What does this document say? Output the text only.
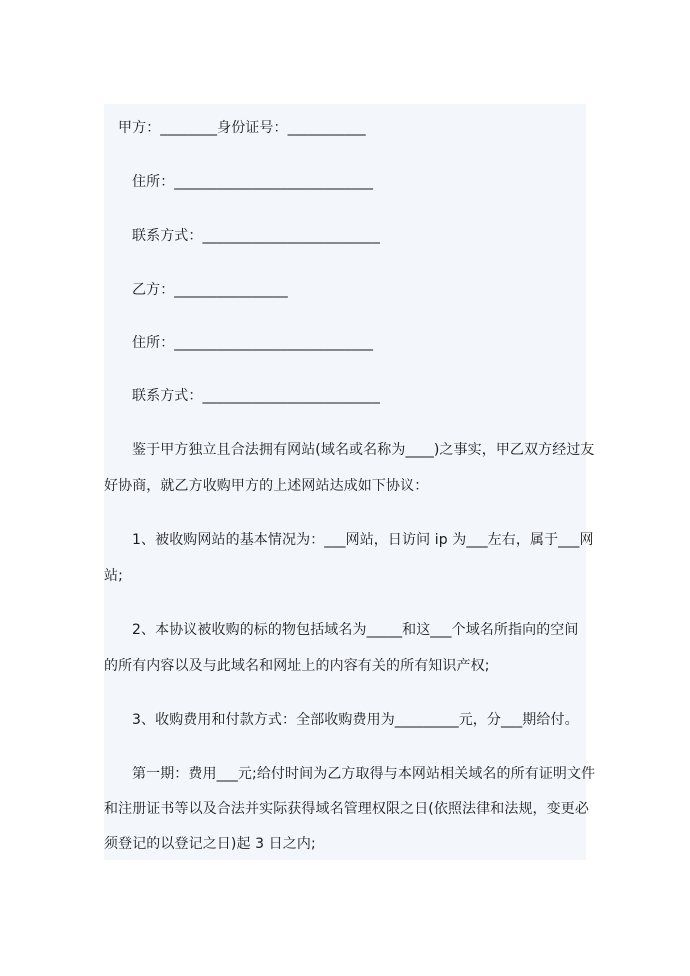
甲方：________身份证号：___________
住所：____________________________
联系方式：_________________________
乙方：________________
住所：____________________________
联系方式：_________________________
鉴于甲方独立且合法拥有网站(域名或名称为____)之事实，甲乙双方经过友
好协商，就乙方收购甲方的上述网站达成如下协议：
1、被收购网站的基本情况为：___网站，日访问 ip 为___左右，属于___网
站;
2、本协议被收购的标的物包括域名为_____和这___个域名所指向的空间
的所有内容以及与此域名和网址上的内容有关的所有知识产权;
3、收购费用和付款方式：全部收购费用为_________元，分___期给付。
第一期：费用___元;给付时间为乙方取得与本网站相关域名的所有证明文件
和注册证书等以及合法并实际获得域名管理权限之日(依照法律和法规，变更必
须登记的以登记之日)起 3 日之内;
